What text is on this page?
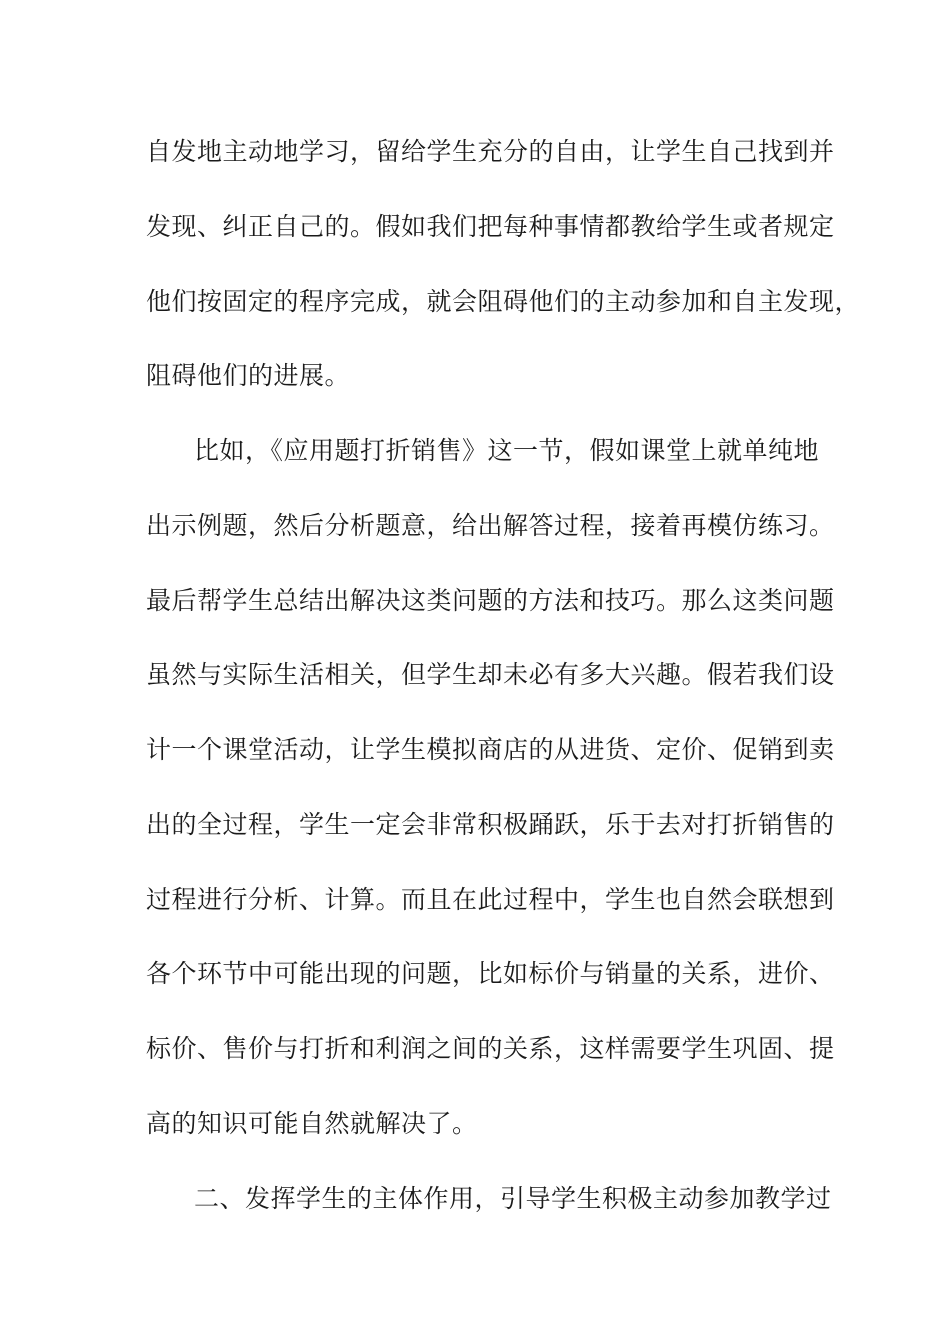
自发地主动地学习，留给学生充分的自由，让学生自己找到并
发现、纠正自己的。假如我们把每种事情都教给学生或者规定
他们按固定的程序完成，就会阻碍他们的主动参加和自主发现，
阻碍他们的进展。
比如，《应用题打折销售》这一节，假如课堂上就单纯地
出示例题，然后分析题意，给出解答过程，接着再模仿练习。
最后帮学生总结出解决这类问题的方法和技巧。那么这类问题
虽然与实际生活相关，但学生却未必有多大兴趣。假若我们设
计一个课堂活动，让学生模拟商店的从进货、定价、促销到卖
出的全过程，学生一定会非常积极踊跃，乐于去对打折销售的
过程进行分析、计算。而且在此过程中，学生也自然会联想到
各个环节中可能出现的问题，比如标价与销量的关系，进价、
标价、售价与打折和利润之间的关系，这样需要学生巩固、提
高的知识可能自然就解决了。
二、发挥学生的主体作用，引导学生积极主动参加教学过
